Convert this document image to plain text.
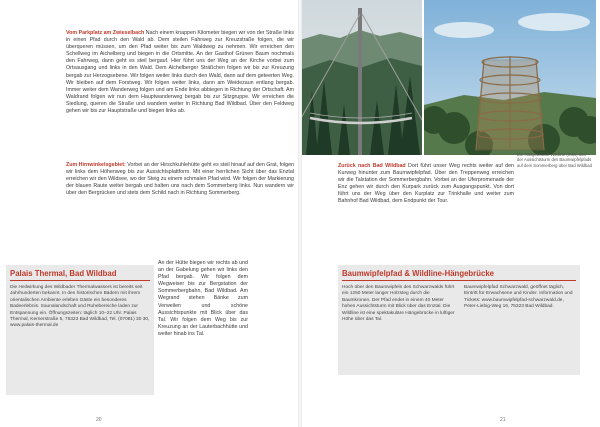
Vom Parkplatz am Zwieselbach Nach einem knappen Kilometer biegen wir von der Straße links in einen Pfad durch den Wald ab. Dem steilen Fahrweg zur Kreuzstraße folgen, die wir überqueren müssen, um den Pfad weiter bis zum Waldweg zu nehmen. Wir erreichen den Schellweg im Aichelberg und biegen in die Ortsmitte. An der Gasthof Grünen Baum nochmals den Fahrweg, dann geht es steil bergauf. Hier führt uns der Weg an der Kirche vorbei zum Ortsausgang und links in den Wald. Dem Alchelberger Sträßchen folgen wir bis zur Kreuzung bergab zur Herzogsebene. Wir folgen weiter links durch den Wald, dann auf dem geteerten Weg. Wir bleiben auf dem Forstweg. Wir folgen weiter links, dann am Weidezaun entlang bergab. Immer weiter dem Wanderweg folgen und am Ende links abbiegen in Richtung der Ortschaft. Am Waldrand folgen wir nun dem Hauptwanderweg bergab bis zur Sitzgruppe. Wir erreichen die Siedlung, queren die Straße und wandern weiter in Richtung Bad Wildbad. Über den Feldweg gehen wir bis zur Hauptstraße und biegen links ab.
Zum Hirnwinkelsgebiet: Vorbei an der Hirschkuhlehütte geht es steil hinauf auf den Grat, folgen wir links dem Höhenweg bis zur Aussichtsplattform. Mit einer herrlichen Sicht über das Enztal erreichen wir den Wildsee, wo der Steig zu einem schmalen Pfad wird. Wir folgen der Markierung der blauen Raute weiter bergab und halten uns nach dem Sommerberg links. Nun wandern wir über den Bergrücken und stets dem Schild nach in Richtung Sommerberg.
An der Hütte biegen wir rechts ab und an der Gabelung gehen wir links den Pfad bergab. Wir folgen dem Wegweiser bis zur Bergstation der Sommerbergbahn, Bad Wildbad. Am Wegrand stehen Bänke zum Verweilen und schöne Aussichtspunkte mit Blick über das Tal. Wir folgen dem Weg bis zur Kreuzung an der Lauterbachhütte und weiter hinab ins Tal.
Palais Thermal, Bad Wildbad
Die Heilwirkung des Wildbader Thermalwassers ist bereits seit Jahrhunderten bekannt. In den historischen Bädern mit ihrem orientalischen Ambiente erleben Gäste ein besonderes Badeerlebnis. Saunalandschaft und Ruhebereiche laden zur Entspannung ein. Öffnungszeiten: täglich 10–22 Uhr. Palais Thermal, Kernerstraße 5, 75323 Bad Wildbad, Tel. (07081) 30 30, www.palais-thermal.de
20
Die Hängebrücke Wildline (links) und der Aussichtsturm des Baumwipfelpfads auf dem Sommerberg über Bad Wildbad
Zurück nach Bad Wildbad Dort führt unser Weg rechts weiter auf den Kurweg hinunter zum Baumwipfelpfad. Über den Treppenweg erreichen wir die Talstation der Sommerbergbahn. Vorbei an der Uferpromenade der Enz gehen wir durch den Kurpark zurück zum Ausgangspunkt. Von dort führt uns der Weg über den Kurplatz zur Trinkhalle und weiter zum Bahnhof Bad Wildbad, dem Endpunkt der Tour.
Baumwipfelpfad & Wildline-Hängebrücke
Hoch über den Baumwipfeln des Schwarzwalds führt ein 1250 Meter langer Holzsteg durch die Baumkronen. Der Pfad endet in einem 40 Meter hohen Aussichtsturm mit Blick über das Enztal. Die Wildline ist eine spektakuläre Hängebrücke in luftiger Höhe über das Tal.
Baumwipfelpfad Schwarzwald, geöffnet täglich, Eintritt für Erwachsene und Kinder. Information und Tickets: www.baumwipfelpfad-schwarzwald.de, Peter-Liebig-Weg 16, 75323 Bad Wildbad.
21
